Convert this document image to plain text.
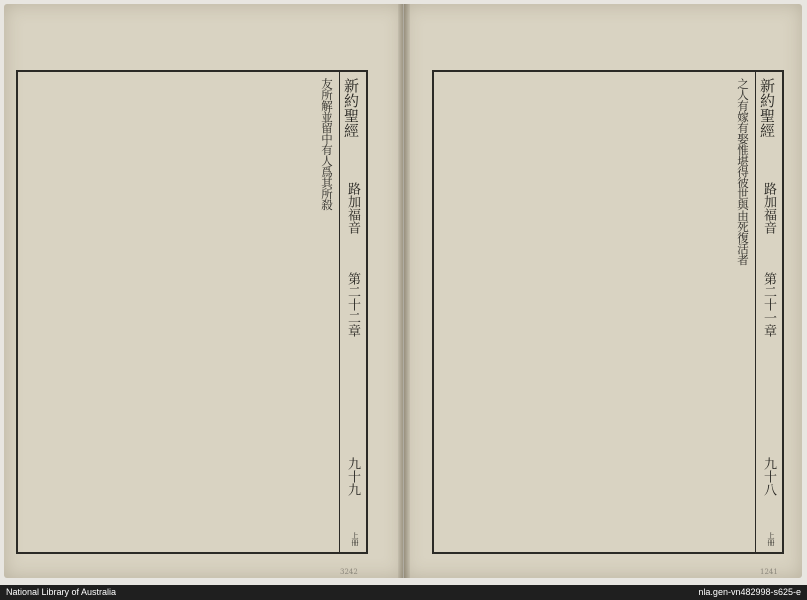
友所解並留中有人爲其所殺 新約聖經
路加福音
第二十二章
九十九
上冊
之人有嫁有娶惟堪得彼世與由死復活者 新約聖經
路加福音
第二十一章
九十八
上冊
3242	1241
National Library of Australia	nla.gen-vn482998-s625-e
